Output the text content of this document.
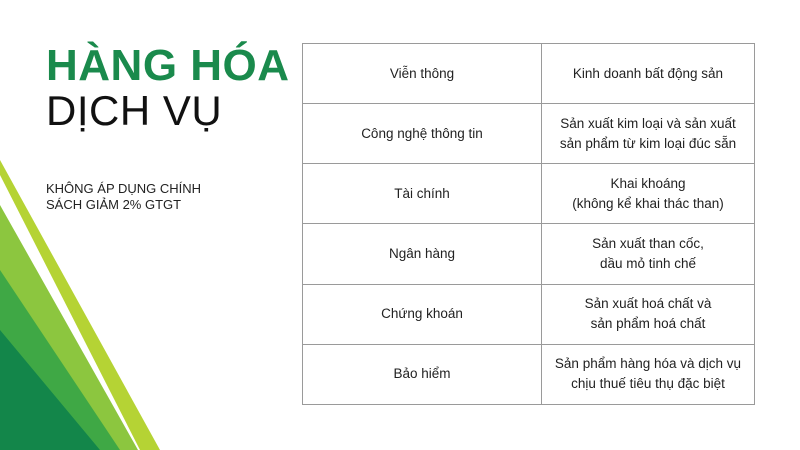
HÀNG HÓA
DỊCH VỤ
KHÔNG ÁP DỤNG CHÍNH
SÁCH GIẢM 2% GTGT
Viễn thông	Kinh doanh bất động sản

Công nghệ thông tin	Sản xuất kim loại và sản xuất
sản phẩm từ kim loại đúc sẵn

Tài chính	Khai khoáng
(không kể khai thác than)

Ngân hàng	Sản xuất than cốc,
dầu mỏ tinh chế

Chứng khoán	Sản xuất hoá chất và
sản phẩm hoá chất

Bảo hiểm	Sản phẩm hàng hóa và dịch vụ
chịu thuế tiêu thụ đặc biệt
